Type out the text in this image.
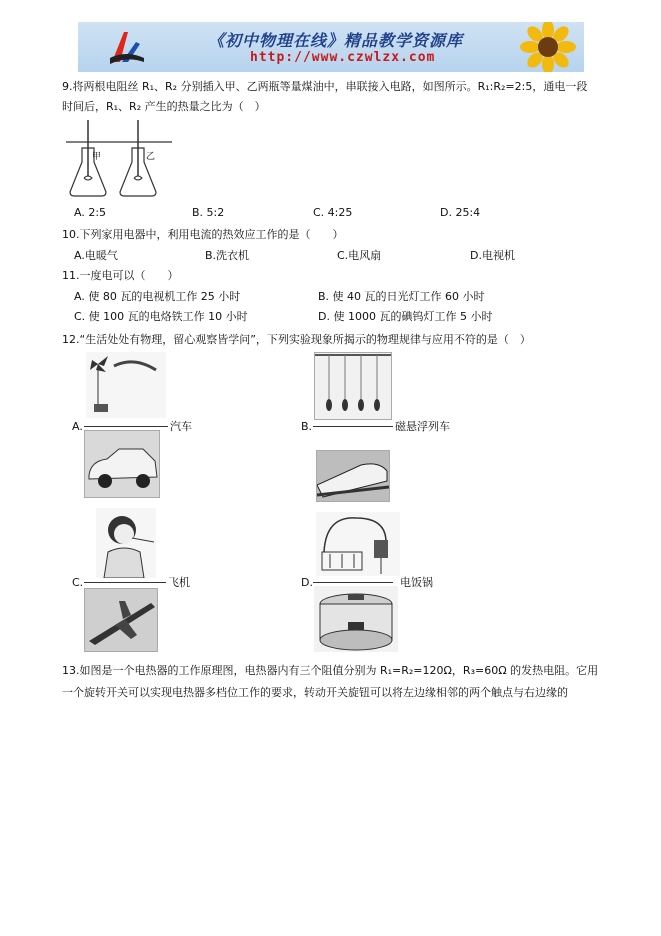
《初中物理在线》精品教学资源库
http://www.czwlzx.com
9.将两根电阻丝 R₁、R₂ 分别插入甲、乙两瓶等量煤油中，串联接入电路，如图所示。R₁:R₂=2:5，通电一段
时间后，R₁、R₂ 产生的热量之比为（　）
甲	乙
A. 2:5	B. 5:2	C. 4:25	D. 25:4
10.下列家用电器中，利用电流的热效应工作的是（　　）
A.电暖气	B.洗衣机	C.电风扇	D.电视机
11.一度电可以（　　）
A. 使 80 瓦的电视机工作 25 小时	B. 使 40 瓦的日光灯工作 60 小时
C. 使 100 瓦的电烙铁工作 10 小时	D. 使 1000 瓦的碘钨灯工作 5 小时
12.“生活处处有物理，留心观察皆学问”，下列实验现象所揭示的物理规律与应用不符的是（　）
A.	汽车	B.	磁悬浮列车
C.	飞机	D.	电饭锅
13.如图是一个电热器的工作原理图，电热器内有三个阻值分别为 R₁=R₂=120Ω，R₃=60Ω 的发热电阻。它用
一个旋转开关可以实现电热器多档位工作的要求，转动开关旋钮可以将左边缘相邻的两个触点与右边缘的
